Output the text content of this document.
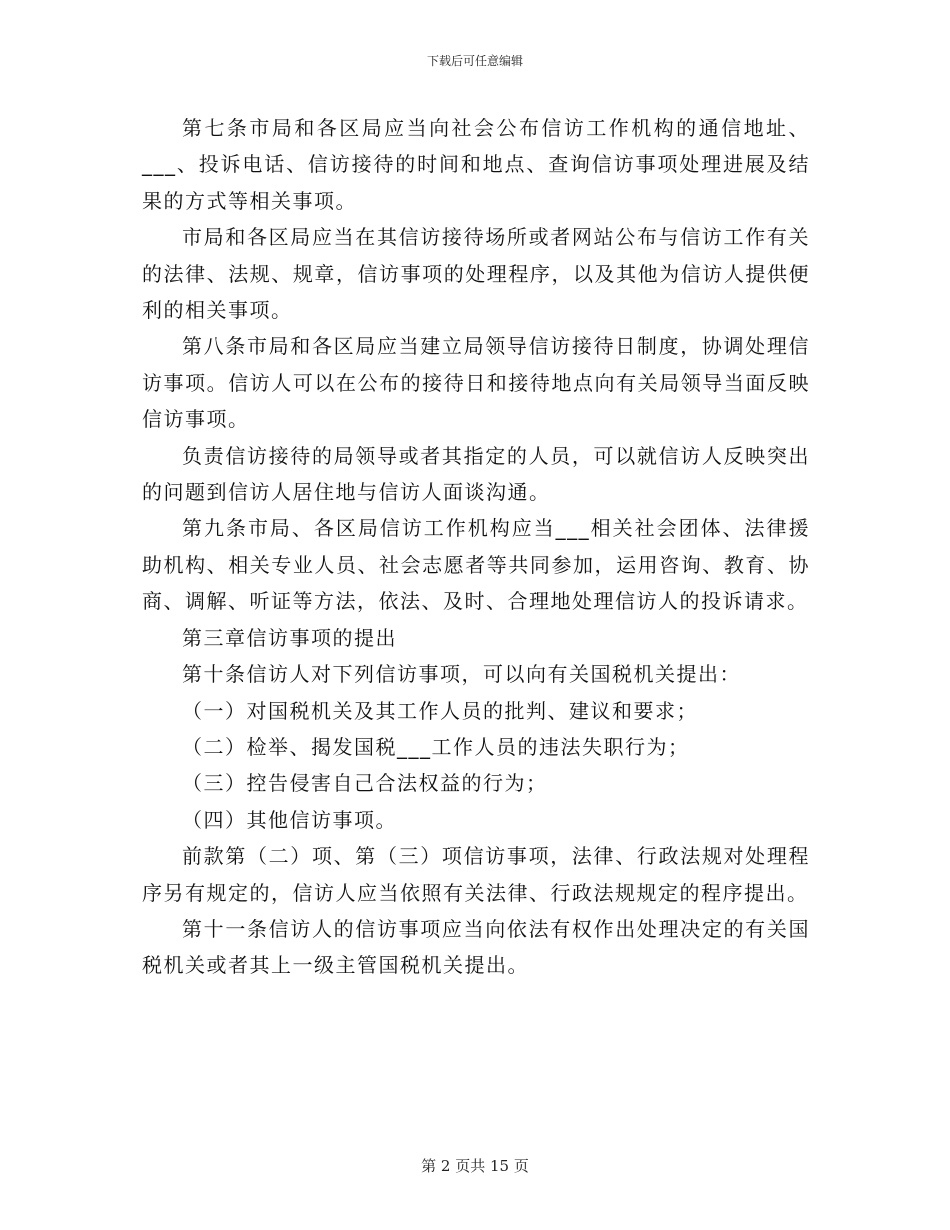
下载后可任意编辑

第七条市局和各区局应当向社会公布信访工作机构的通信地址、___、投诉电话、信访接待的时间和地点、查询信访事项处理进展及结果的方式等相关事项。

市局和各区局应当在其信访接待场所或者网站公布与信访工作有关的法律、法规、规章，信访事项的处理程序，以及其他为信访人提供便利的相关事项。

第八条市局和各区局应当建立局领导信访接待日制度，协调处理信访事项。信访人可以在公布的接待日和接待地点向有关局领导当面反映信访事项。

负责信访接待的局领导或者其指定的人员，可以就信访人反映突出的问题到信访人居住地与信访人面谈沟通。

第九条市局、各区局信访工作机构应当___相关社会团体、法律援助机构、相关专业人员、社会志愿者等共同参加，运用咨询、教育、协商、调解、听证等方法，依法、及时、合理地处理信访人的投诉请求。

第三章信访事项的提出

第十条信访人对下列信访事项，可以向有关国税机关提出：

（一）对国税机关及其工作人员的批判、建议和要求；

（二）检举、揭发国税___工作人员的违法失职行为；

（三）控告侵害自己合法权益的行为；

（四）其他信访事项。

前款第（二）项、第（三）项信访事项，法律、行政法规对处理程序另有规定的，信访人应当依照有关法律、行政法规规定的程序提出。

第十一条信访人的信访事项应当向依法有权作出处理决定的有关国税机关或者其上一级主管国税机关提出。

第 2 页共 15 页
